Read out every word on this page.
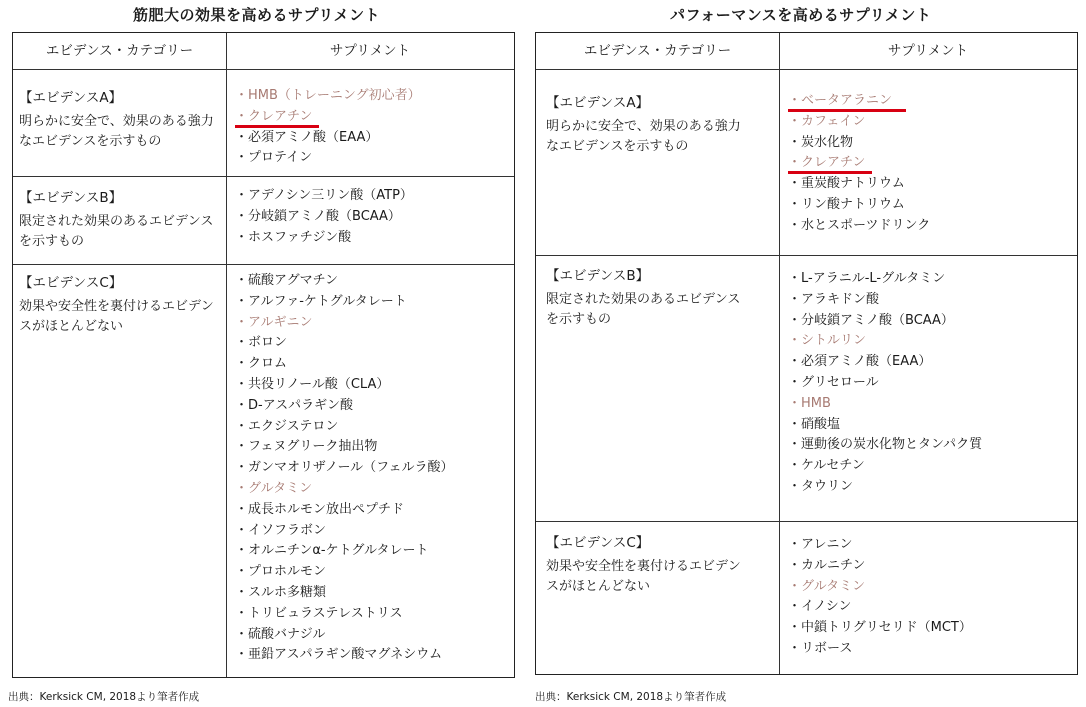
筋肥大の効果を高めるサプリメント
エビデンス・カテゴリー	サプリメント
【エビデンスA】
明らかに安全で、効果のある強力なエビデンスを示すもの
・HMB（トレーニング初心者）
・クレアチン
・必須アミノ酸（EAA）
・プロテイン
【エビデンスB】
限定された効果のあるエビデンスを示すもの
・アデノシン三リン酸（ATP）
・分岐鎖アミノ酸（BCAA）
・ホスファチジン酸
【エビデンスC】
効果や安全性を裏付けるエビデンスがほとんどない
・硫酸アグマチン
・アルファ-ケトグルタレート
・アルギニン
・ボロン
・クロム
・共役リノール酸（CLA）
・D-アスパラギン酸
・エクジステロン
・フェヌグリーク抽出物
・ガンマオリザノール（フェルラ酸）
・グルタミン
・成長ホルモン放出ペプチド
・イソフラボン
・オルニチンα-ケトグルタレート
・プロホルモン
・スルホ多糖類
・トリビュラステレストリス
・硫酸バナジル
・亜鉛アスパラギン酸マグネシウム
出典：Kerksick CM, 2018より筆者作成
パフォーマンスを高めるサプリメント
エビデンス・カテゴリー	サプリメント
【エビデンスA】
明らかに安全で、効果のある強力なエビデンスを示すもの
・ベータアラニン
・カフェイン
・炭水化物
・クレアチン
・重炭酸ナトリウム
・リン酸ナトリウム
・水とスポーツドリンク
【エビデンスB】
限定された効果のあるエビデンスを示すもの
・L-アラニル-L-グルタミン
・アラキドン酸
・分岐鎖アミノ酸（BCAA）
・シトルリン
・必須アミノ酸（EAA）
・グリセロール
・HMB
・硝酸塩
・運動後の炭水化物とタンパク質
・ケルセチン
・タウリン
【エビデンスC】
効果や安全性を裏付けるエビデンスがほとんどない
・アレニン
・カルニチン
・グルタミン
・イノシン
・中鎖トリグリセリド（MCT）
・リボース
出典：Kerksick CM, 2018より筆者作成
